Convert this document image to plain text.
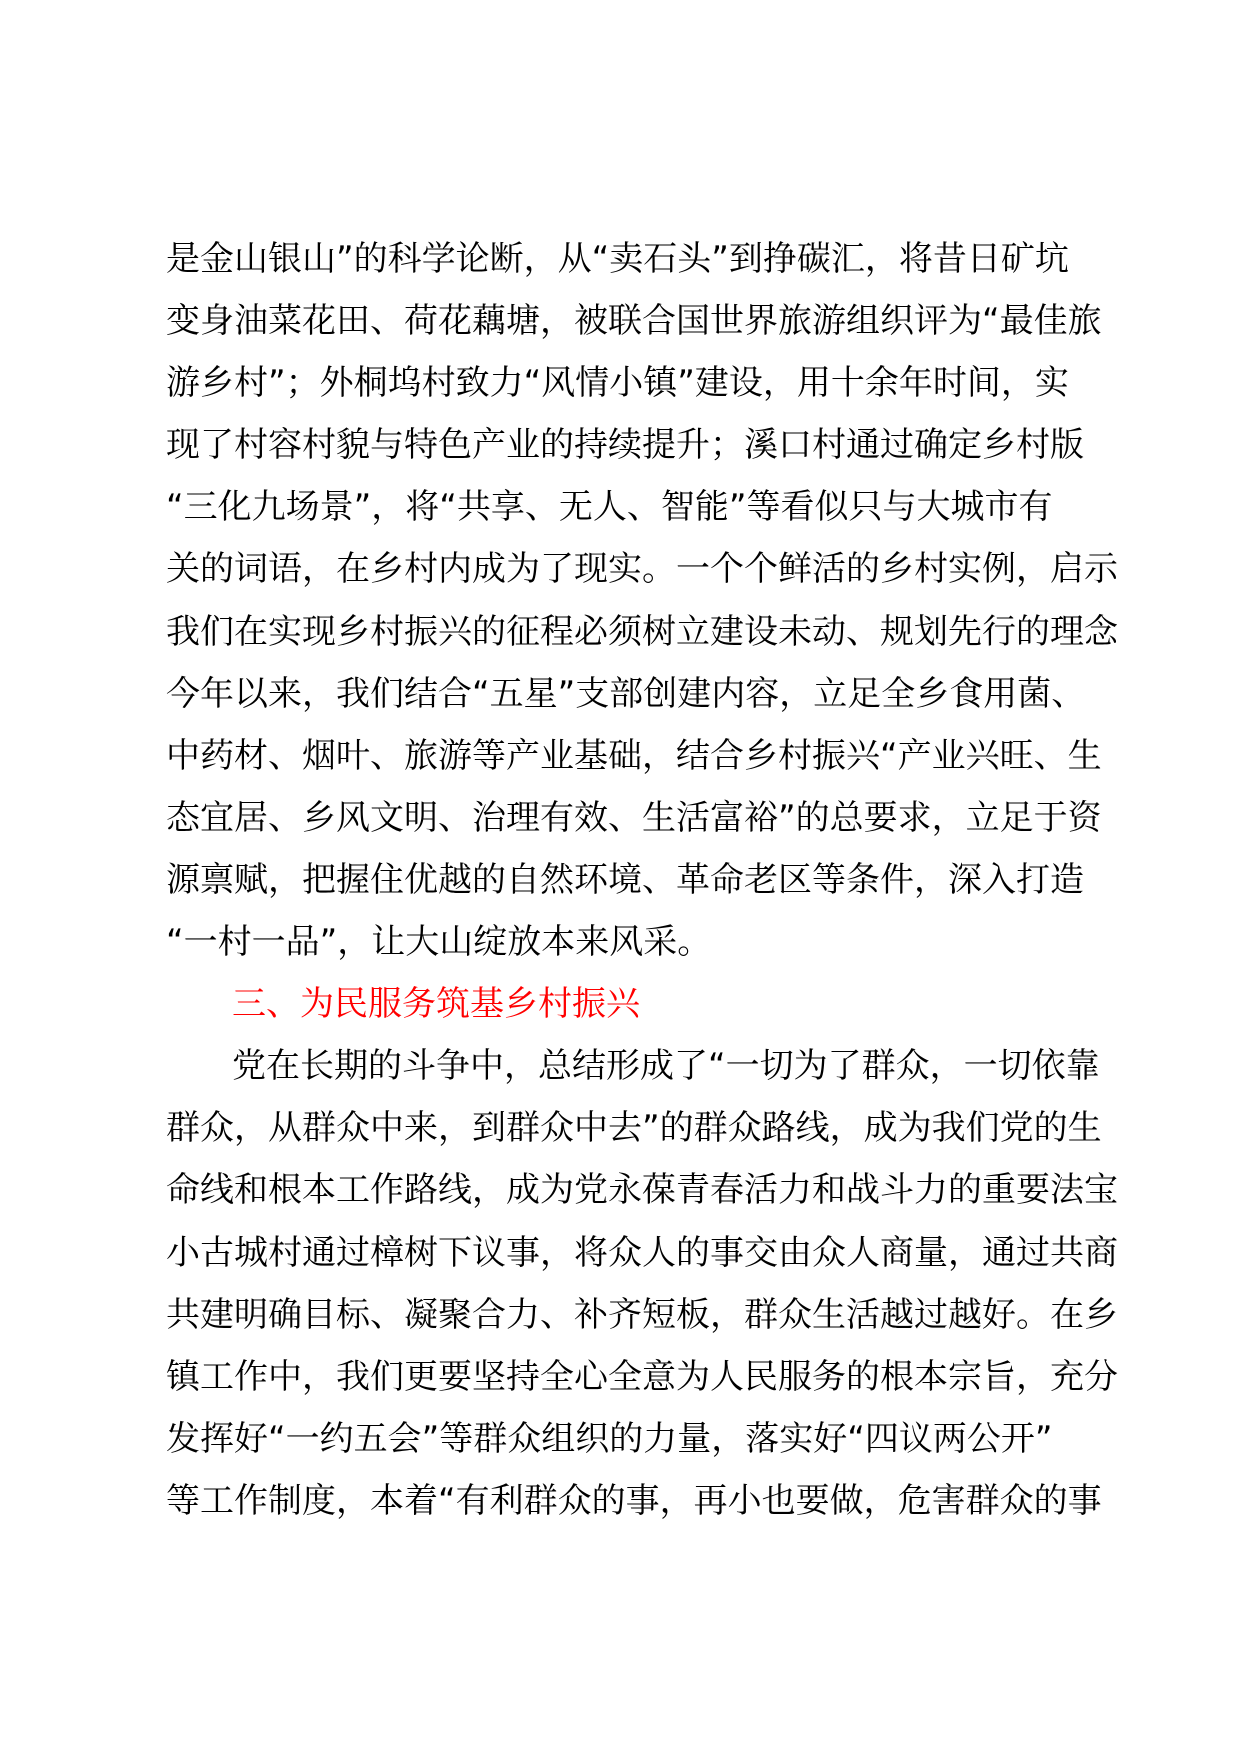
是金山银山”的科学论断，从“卖石头”到挣碳汇，将昔日矿坑
变身油菜花田、荷花藕塘，被联合国世界旅游组织评为“最佳旅
游乡村”；外桐坞村致力“风情小镇”建设，用十余年时间，实
现了村容村貌与特色产业的持续提升；溪口村通过确定乡村版
“三化九场景”，将“共享、无人、智能”等看似只与大城市有
关的词语，在乡村内成为了现实。一个个鲜活的乡村实例，启示
我们在实现乡村振兴的征程必须树立建设未动、规划先行的理念
今年以来，我们结合“五星”支部创建内容，立足全乡食用菌、
中药材、烟叶、旅游等产业基础，结合乡村振兴“产业兴旺、生
态宜居、乡风文明、治理有效、生活富裕”的总要求，立足于资
源禀赋，把握住优越的自然环境、革命老区等条件，深入打造
“一村一品”，让大山绽放本来风采。
三、为民服务筑基乡村振兴
党在长期的斗争中，总结形成了“一切为了群众，一切依靠
群众，从群众中来，到群众中去”的群众路线，成为我们党的生
命线和根本工作路线，成为党永葆青春活力和战斗力的重要法宝
小古城村通过樟树下议事，将众人的事交由众人商量，通过共商
共建明确目标、凝聚合力、补齐短板，群众生活越过越好。在乡
镇工作中，我们更要坚持全心全意为人民服务的根本宗旨，充分
发挥好“一约五会”等群众组织的力量，落实好“四议两公开”
等工作制度，本着“有利群众的事，再小也要做，危害群众的事
